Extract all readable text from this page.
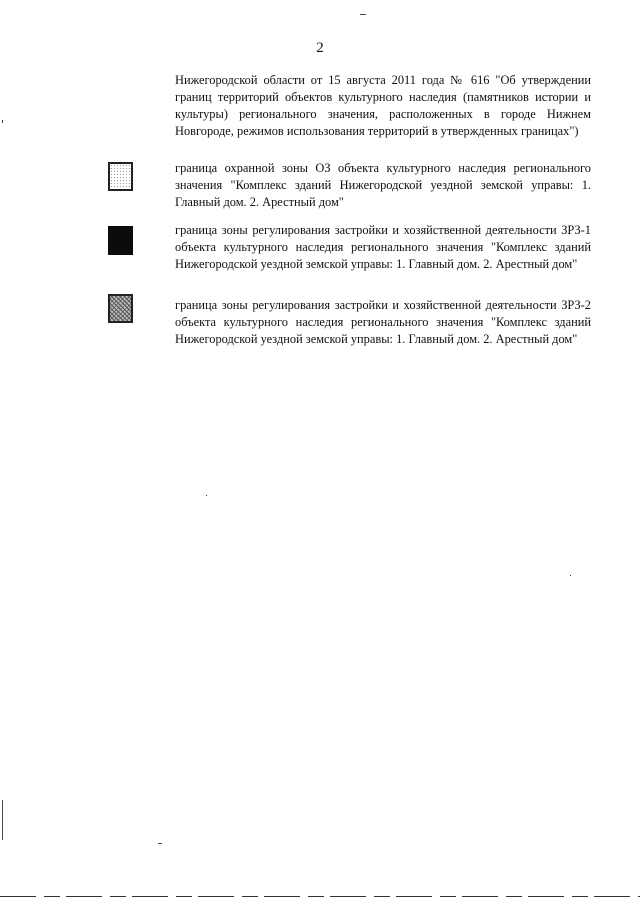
2
Нижегородской области от 15 августа 2011 года № 616 "Об утверждении границ территорий объектов культурного наследия (памятников истории и культуры) регионального значения, расположенных в городе Нижнем Новгороде, режимов использования территорий в утвержденных границах")
граница охранной зоны ОЗ объекта культурного наследия регионального значения "Комплекс зданий Нижегородской уездной земской управы: 1. Главный дом. 2. Арестный дом"
граница зоны регулирования застройки и хозяйственной деятельности ЗРЗ-1 объекта культурного наследия регионального значения "Комплекс зданий Нижегородской уездной земской управы: 1. Главный дом. 2. Арестный дом"
граница зоны регулирования застройки и хозяйственной деятельности ЗРЗ-2 объекта культурного наследия регионального значения "Комплекс зданий Нижегородской уездной земской управы: 1. Главный дом. 2. Арестный дом"
